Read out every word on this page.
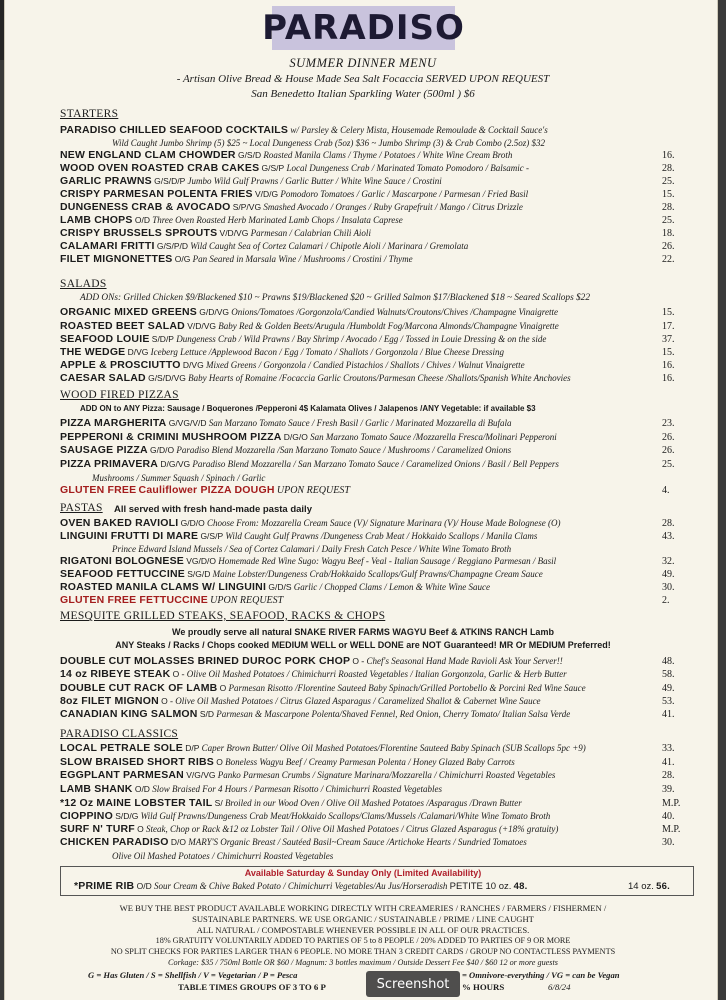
PARADISO
SUMMER DINNER MENU
- Artisan Olive Bread & House Made Sea Salt Focaccia SERVED UPON REQUEST
San Benedetto Italian Sparkling Water (500ml ) $6
STARTERS
PARADISO CHILLED SEAFOOD COCKTAILS w/ Parsley & Celery Mista, Housemade Remoulade & Cocktail Sauce's
NEW ENGLAND CLAM CHOWDER G/S/D Roasted Manila Clams / Thyme / Potatoes / White Wine Cream Broth	16.
WOOD OVEN ROASTED CRAB CAKES G/S/P Local Dungeness Crab / Marinated Tomato Pomodoro / Balsamic -	28.
GARLIC PRAWNS G/S/D/P Jumbo Wild Gulf Prawns / Garlic Butter / White Wine Sauce / Crostini	25.
CRISPY PARMESAN POLENTA FRIES V/D/G Pomodoro Tomatoes / Garlic / Mascarpone / Parmesan / Fried Basil	15.
DUNGENESS CRAB & AVOCADO S/P/VG Smashed Avocado / Oranges / Ruby Grapefruit / Mango / Citrus Drizzle	28.
LAMB CHOPS O/D Three Oven Roasted Herb Marinated Lamb Chops / Insalata Caprese	25.
CRISPY BRUSSELS SPROUTS V/D/VG Parmesan / Calabrian Chili Aioli	18.
CALAMARI FRITTI G/S/P/D Wild Caught Sea of Cortez Calamari / Chipotle Aioli / Marinara / Gremolata	26.
FILET MIGNONETTES O/G Pan Seared in Marsala Wine / Mushrooms / Crostini / Thyme	22.
Wild Caught Jumbo Shrimp (5) $25 ~ Local Dungeness Crab (5oz) $36 ~ Jumbo Shrimp (3) & Crab Combo (2.5oz) $32
SALADS
ADD ONs: Grilled Chicken $9/Blackened $10 ~ Prawns $19/Blackened $20 ~ Grilled Salmon $17/Blackened $18 ~ Seared Scallops $22
ORGANIC MIXED GREENS G/D/VG Onions/Tomatoes /Gorgonzola/Candied Walnuts/Croutons/Chives /Champagne Vinaigrette	15.
ROASTED BEET SALAD V/D/VG Baby Red & Golden Beets/Arugula /Humboldt Fog/Marcona Almonds/Champagne Vinaigrette	17.
SEAFOOD LOUIE S/D/P Dungeness Crab / Wild Prawns / Bay Shrimp / Avocado / Egg / Tossed in Louie Dressing & on the side	37.
THE WEDGE D/VG Iceberg Lettuce /Applewood Bacon / Egg / Tomato / Shallots / Gorgonzola / Blue Cheese Dressing	15.
APPLE & PROSCIUTTO D/VG Mixed Greens / Gorgonzola / Candied Pistachios / Shallots / Chives / Walnut Vinaigrette	16.
CAESAR SALAD G/S/D/VG Baby Hearts of Romaine /Focaccia Garlic Croutons/Parmesan Cheese /Shallots/Spanish White Anchovies	16.
WOOD FIRED PIZZAS
ADD ON to ANY Pizza: Sausage / Boquerones /Pepperoni 4$ Kalamata Olives / Jalapenos /ANY Vegetable: if available $3
PIZZA MARGHERITA G/VG/V/D San Marzano Tomato Sauce / Fresh Basil / Garlic / Marinated Mozzarella di Bufala	23.
PEPPERONI & CRIMINI MUSHROOM PIZZA D/G/O San Marzano Tomato Sauce /Mozzarella Fresca/Molinari Pepperoni	26.
SAUSAGE PIZZA G/D/O Paradiso Blend Mozzarella /San Marzano Tomato Sauce / Mushrooms / Caramelized Onions	26.
PIZZA PRIMAVERA D/G/VG Paradiso Blend Mozzarella / San Marzano Tomato Sauce / Caramelized Onions / Basil / Bell Peppers	25.
Mushrooms / Summer Squash / Spinach / Garlic
GLUTEN FREE Cauliflower PIZZA DOUGH UPON REQUEST	4.
PASTAS All served with fresh hand-made pasta daily
OVEN BAKED RAVIOLI G/D/O Choose From: Mozzarella Cream Sauce (V)/ Signature Marinara (V)/ House Made Bolognese (O)	28.
LINGUINI FRUTTI DI MARE G/S/P Wild Caught Gulf Prawns /Dungeness Crab Meat / Hokkaido Scallops / Manila Clams	43.
RIGATONI BOLOGNESE VG/D/O Homemade Red Wine Sugo: Wagyu Beef - Veal - Italian Sausage / Reggiano Parmesan / Basil	32.
SEAFOOD FETTUCCINE S/G/D Maine Lobster/Dungeness Crab/Hokkaido Scallops/Gulf Prawns/Champagne Cream Sauce	49.
ROASTED MANILA CLAMS W/ LINGUINI G/D/S Garlic / Chopped Clams / Lemon & White Wine Sauce	30.
Prince Edward Island Mussels / Sea of Cortez Calamari / Daily Fresh Catch Pesce / White Wine Tomato Broth
GLUTEN FREE FETTUCCINE UPON REQUEST	2.
MESQUITE GRILLED STEAKS, SEAFOOD, RACKS & CHOPS
We proudly serve all natural SNAKE RIVER FARMS WAGYU Beef & ATKINS RANCH Lamb
ANY Steaks / Racks / Chops cooked MEDIUM WELL or WELL DONE are NOT Guaranteed! MR Or MEDIUM Preferred!
DOUBLE CUT MOLASSES BRINED DUROC PORK CHOP O - Chef's Seasonal Hand Made Ravioli Ask Your Server!!	48.
14 oz RIBEYE STEAK O - Olive Oil Mashed Potatoes / Chimichurri Roasted Vegetables / Italian Gorgonzola, Garlic & Herb Butter	58.
DOUBLE CUT RACK OF LAMB O Parmesan Risotto /Florentine Sauteed Baby Spinach/Grilled Portobello & Porcini Red Wine Sauce	49.
8oz FILET MIGNON O - Olive Oil Mashed Potatoes / Citrus Glazed Asparagus / Caramelized Shallot & Cabernet Wine Sauce	53.
CANADIAN KING SALMON S/D Parmesan & Mascarpone Polenta/Shaved Fennel, Red Onion, Cherry Tomato/ Italian Salsa Verde	41.
PARADISO CLASSICS
LOCAL PETRALE SOLE D/P Caper Brown Butter/ Olive Oil Mashed Potatoes/Florentine Sauteed Baby Spinach (SUB Scallops 5pc +9)	33.
SLOW BRAISED SHORT RIBS O Boneless Wagyu Beef / Creamy Parmesan Polenta / Honey Glazed Baby Carrots	41.
EGGPLANT PARMESAN V/G/VG Panko Parmesan Crumbs / Signature Marinara/Mozzarella / Chimichurri Roasted Vegetables	28.
LAMB SHANK O/D Slow Braised For 4 Hours / Parmesan Risotto / Chimichurri Roasted Vegetables	39.
*12 Oz MAINE LOBSTER TAIL S/ Broiled in our Wood Oven / Olive Oil Mashed Potatoes /Asparagus /Drawn Butter	M.P.
CIOPPINO S/D/G Wild Gulf Prawns/Dungeness Crab Meat/Hokkaido Scallops/Clams/Mussels /Calamari/White Wine Tomato Broth	40.
SURF N' TURF O Steak, Chop or Rack &12 oz Lobster Tail / Olive Oil Mashed Potatoes / Citrus Glazed Asparagus (+18% gratuity)	M.P.
CHICKEN PARADISO D/O MARY'S Organic Breast / Sautéed Basil~Cream Sauce /Artichoke Hearts / Sundried Tomatoes	30.
Olive Oil Mashed Potatoes / Chimichurri Roasted Vegetables
Available Saturday & Sunday Only (Limited Availability)
*PRIME RIB O/D Sour Cream & Chive Baked Potato / Chimichurri Vegetables/Au Jus/Horseradish PETITE 10 oz. 48.	14 oz. 56.
WE BUY THE BEST PRODUCT AVAILABLE WORKING DIRECTLY WITH CREAMERIES / RANCHES / FARMERS / FISHERMEN /
SUSTAINABLE PARTNERS. WE USE ORGANIC / SUSTAINABLE / PRIME / LINE CAUGHT
ALL NATURAL / COMPOSTABLE WHENEVER POSSIBLE IN ALL OF OUR PRACTICES.
18% GRATUITY VOLUNTARILY ADDED TO PARTIES OF 5 to 8 PEOPLE / 20% ADDED TO PARTIES OF 9 OR MORE
NO SPLIT CHECKS FOR PARTIES LARGER THAN 6 PEOPLE. NO MORE THAN 3 CREDIT CARDS / GROUP NO CONTACTLESS PAYMENTS
Corkage: $35 / 750ml Bottle OR $60 / Magnum: 3 bottles maximum / Outside Dessert Fee $40 / $60 12 or more guests
G = Has Gluten / S = Shellfish / V = Vegetarian / P = Pesca	= Omnivore-everything / VG = can be Vegan
TABLE TIMES GROUPS OF 3 TO 6 P	% HOURS	6/8/24
Screenshot
